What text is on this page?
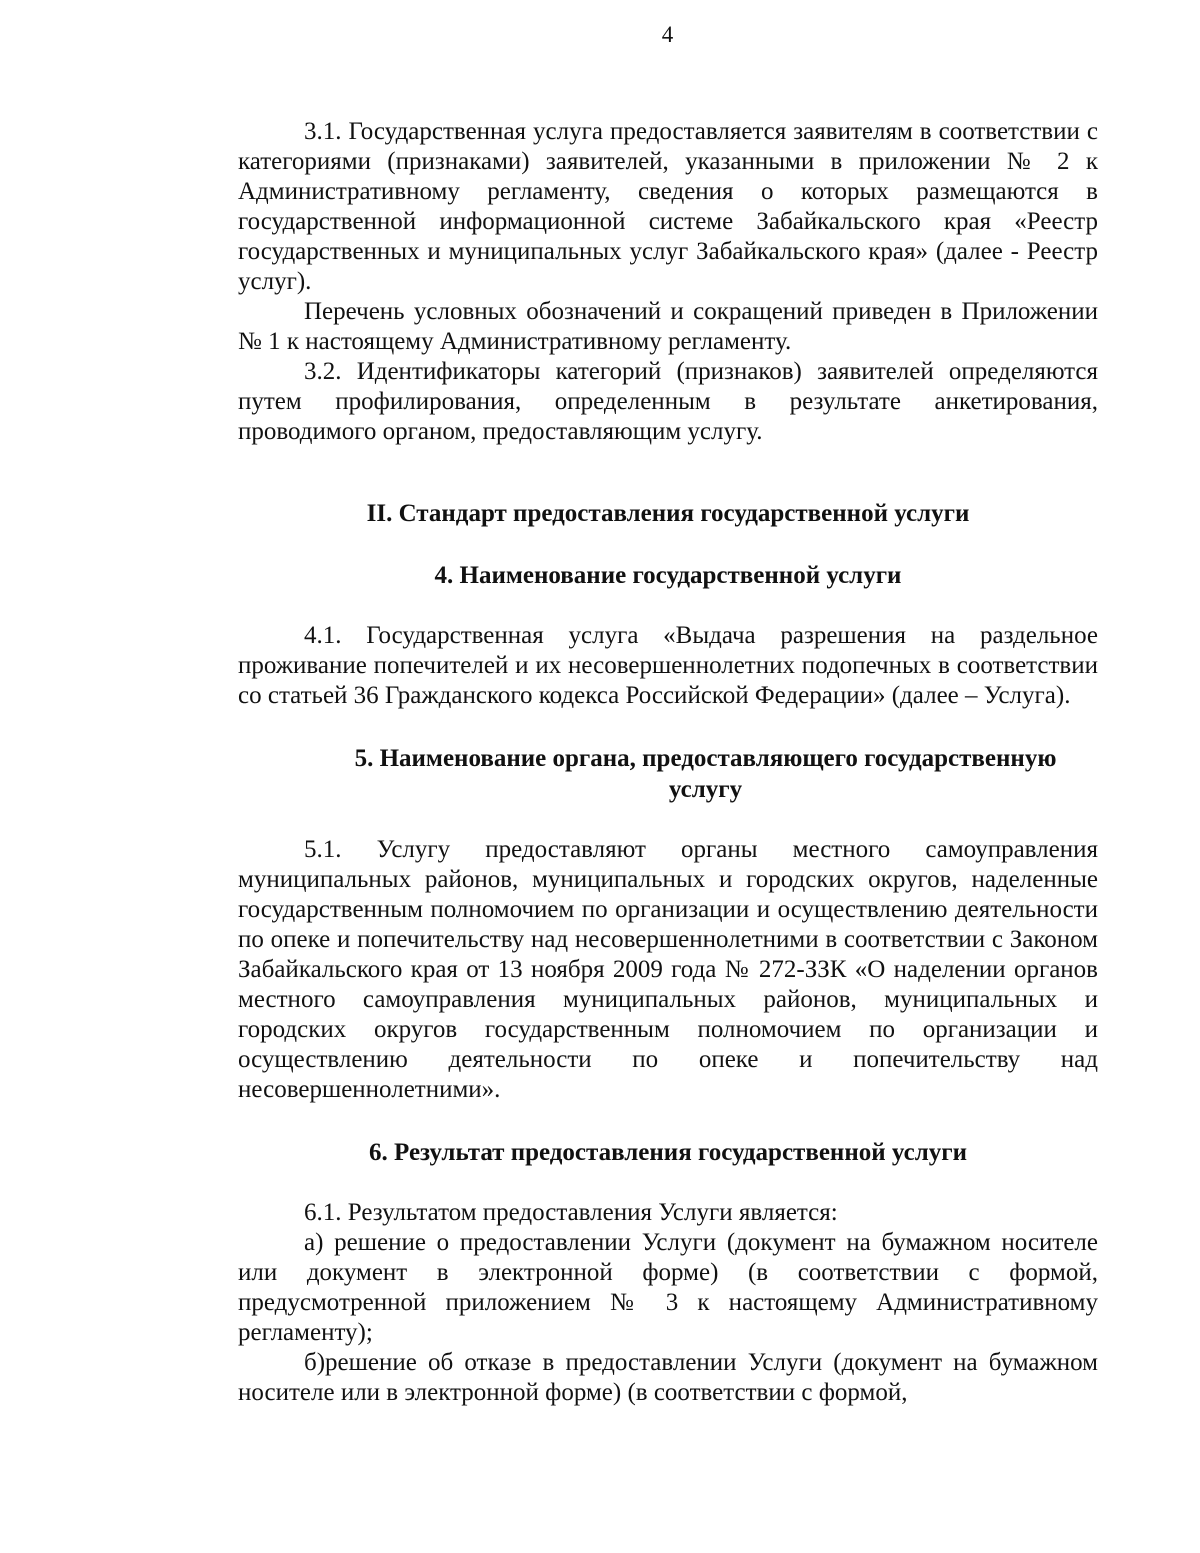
4

3.1. Государственная услуга предоставляется заявителям в соответствии с категориями (признаками) заявителей, указанными в приложении № 2 к Административному регламенту, сведения о которых размещаются в государственной информационной системе Забайкальского края «Реестр государственных и муниципальных услуг Забайкальского края» (далее - Реестр услуг).

Перечень условных обозначений и сокращений приведен в Приложении № 1 к настоящему Административному регламенту.

3.2. Идентификаторы категорий (признаков) заявителей определяются путем профилирования, определенным в результате анкетирования, проводимого органом, предоставляющим услугу.

II. Стандарт предоставления государственной услуги

4. Наименование государственной услуги

4.1. Государственная услуга «Выдача разрешения на раздельное проживание попечителей и их несовершеннолетних подопечных в соответствии со статьей 36 Гражданского кодекса Российской Федерации» (далее – Услуга).

5. Наименование органа, предоставляющего государственную услугу

5.1. Услугу предоставляют органы местного самоуправления муниципальных районов, муниципальных и городских округов, наделенные государственным полномочием по организации и осуществлению деятельности по опеке и попечительству над несовершеннолетними в соответствии с Законом Забайкальского края от 13 ноября 2009 года № 272-ЗЗК «О наделении органов местного самоуправления муниципальных районов, муниципальных и городских округов государственным полномочием по организации и осуществлению деятельности по опеке и попечительству над несовершеннолетними».

6. Результат предоставления государственной услуги

6.1. Результатом предоставления Услуги является:

а) решение о предоставлении Услуги (документ на бумажном носителе или документ в электронной форме) (в соответствии с формой, предусмотренной приложением № 3 к настоящему Административному регламенту);

б)решение об отказе в предоставлении Услуги (документ на бумажном носителе или в электронной форме) (в соответствии с формой,
